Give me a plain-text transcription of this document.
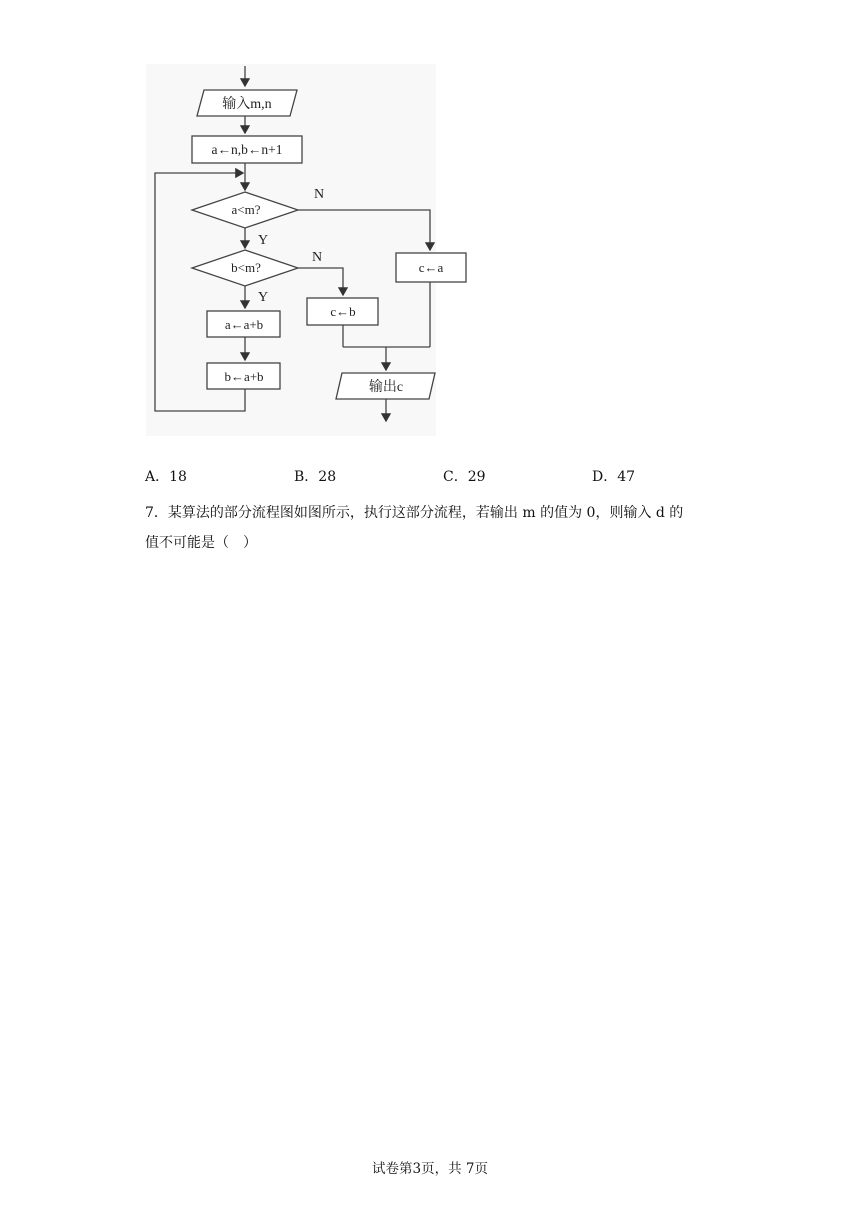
输入m,n
a←n,b←n+1
a<m?
b<m?
a←a+b
b←a+b
c←b
c←a
输出c
N
Y
N
Y
A．18	B．28	C．29	D．47
7．某算法的部分流程图如图所示，执行这部分流程，若输出 m 的值为 0，则输入 d 的
值不可能是（　）
试卷第3页，共 7页
